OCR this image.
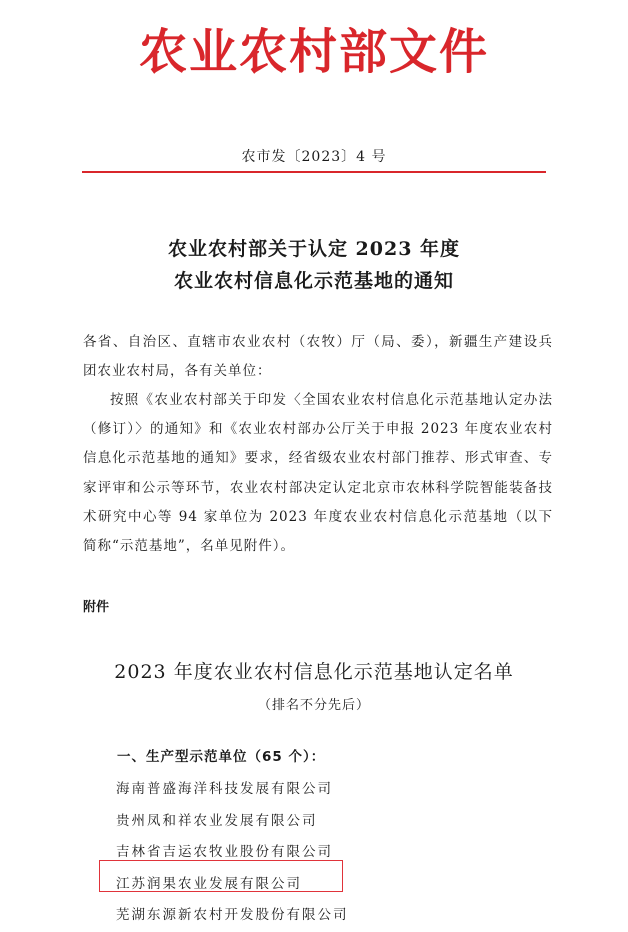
农业农村部文件
农市发〔2023〕4 号
农业农村部关于认定 2023 年度
农业农村信息化示范基地的通知
各省、自治区、直辖市农业农村（农牧）厅（局、委），新疆生产建设兵团农业农村局，各有关单位：
按照《农业农村部关于印发〈全国农业农村信息化示范基地认定办法（修订）〉的通知》和《农业农村部办公厅关于申报 2023 年度农业农村信息化示范基地的通知》要求，经省级农业农村部门推荐、形式审查、专家评审和公示等环节，农业农村部决定认定北京市农林科学院智能装备技术研究中心等 94 家单位为 2023 年度农业农村信息化示范基地（以下简称“示范基地”，名单见附件）。
附件
2023 年度农业农村信息化示范基地认定名单
（排名不分先后）
一、生产型示范单位（65 个）：
海南普盛海洋科技发展有限公司
贵州凤和祥农业发展有限公司
吉林省吉运农牧业股份有限公司
江苏润果农业发展有限公司
芜湖东源新农村开发股份有限公司
